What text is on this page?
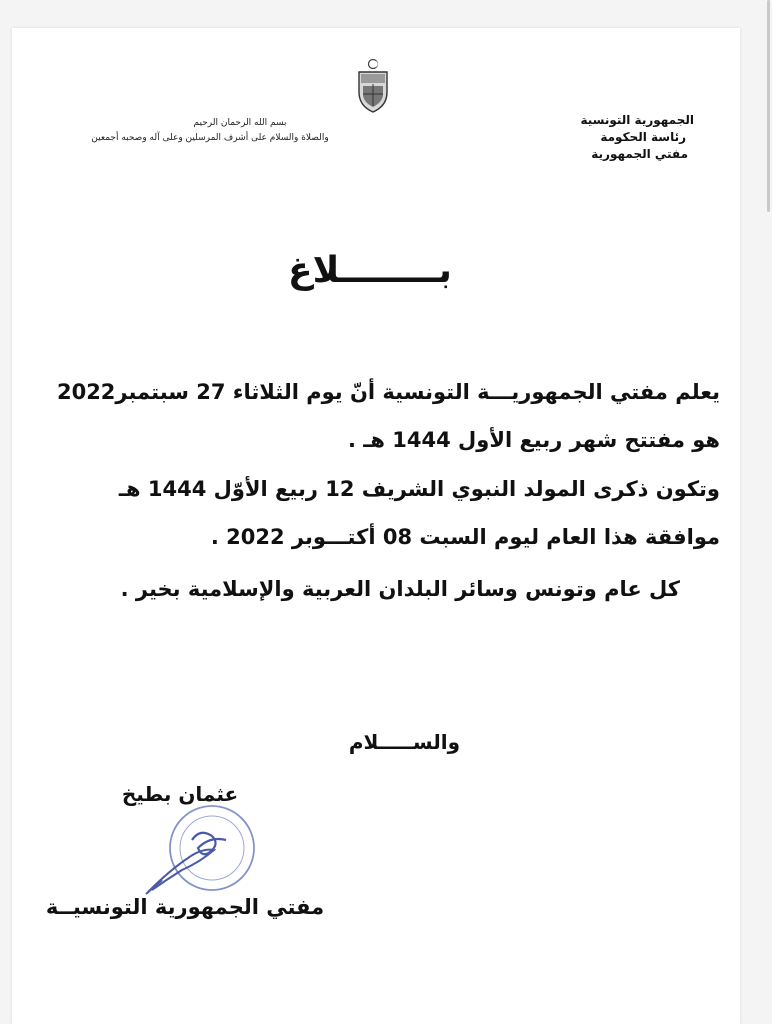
الجمهورية التونسية
رئاسة الحكومة
مفتي الجمهورية
بسم الله الرحمان الرحيم
والصلاة والسلام على أشرف المرسلين وعلى آله وصحبه أجمعين
بــــــــلاغ
يعلم مفتي الجمهوريـــة التونسية أنّ يوم الثلاثاء 27 سبتمبر2022
هو مفتتح شهر ربيع الأول 1444 هـ .
وتكون ذكرى المولد النبوي الشريف 12 ربيع الأوّل 1444 هـ
موافقة هذا العام ليوم السبت 08 أكتـــوبر 2022 .
كل عام وتونس وسائر البلدان العربية والإسلامية بخير .
والســـــلام
عثمان بطيخ
مفتي الجمهورية التونسيــة
